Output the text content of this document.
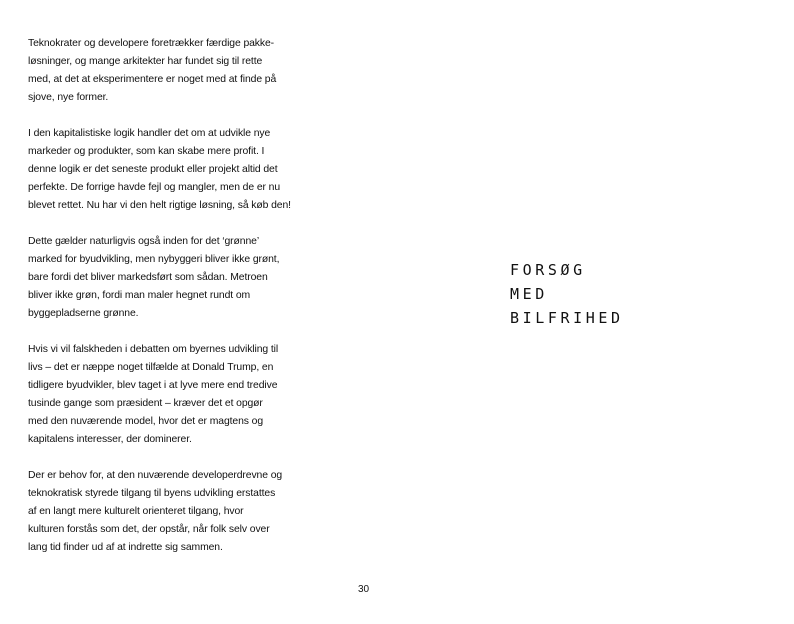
Teknokrater og developere foretrækker færdige pakke-
løsninger, og mange arkitekter har fundet sig til rette
med, at det at eksperimentere er noget med at finde på
sjove, nye former.
I den kapitalistiske logik handler det om at udvikle nye
markeder og produkter, som kan skabe mere profit. I
denne logik er det seneste produkt eller projekt altid det
perfekte. De forrige havde fejl og mangler, men de er nu
blevet rettet. Nu har vi den helt rigtige løsning, så køb den!
Dette gælder naturligvis også inden for det ‘grønne’
marked for byudvikling, men nybyggeri bliver ikke grønt,
bare fordi det bliver markedsført som sådan. Metroen
bliver ikke grøn, fordi man maler hegnet rundt om
byggepladserne grønne.
Hvis vi vil falskheden i debatten om byernes udvikling til
livs – det er næppe noget tilfælde at Donald Trump, en
tidligere byudvikler, blev taget i at lyve mere end tredive
tusinde gange som præsident – kræver det et opgør
med den nuværende model, hvor det er magtens og
kapitalens interesser, der dominerer.
Der er behov for, at den nuværende developerdrevne og
teknokratisk styrede tilgang til byens udvikling erstattes
af en langt mere kulturelt orienteret tilgang, hvor
kulturen forstås som det, der opstår, når folk selv over
lang tid finder ud af at indrette sig sammen.
30
FORSØG
MED
BILFRIHED
